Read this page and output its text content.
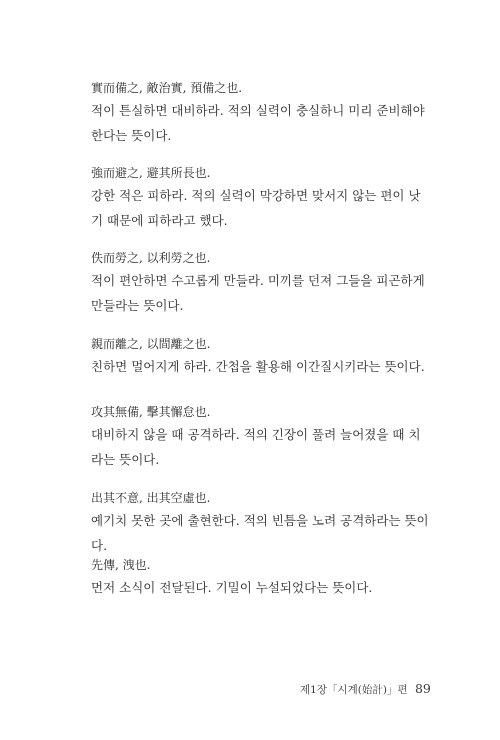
實而備之, 敵治實, 預備之也.

적이 튼실하면 대비하라. 적의 실력이 충실하니 미리 준비해야 한다는 뜻이다.

強而避之, 避其所長也.

강한 적은 피하라. 적의 실력이 막강하면 맞서지 않는 편이 낫기 때문에 피하라고 했다.

佚而勞之, 以利勞之也.

적이 편안하면 수고롭게 만들라. 미끼를 던져 그들을 피곤하게 만들라는 뜻이다.

親而離之, 以間離之也.

친하면 멀어지게 하라. 간첩을 활용해 이간질시키라는 뜻이다.

攻其無備, 擊其懈怠也.

대비하지 않을 때 공격하라. 적의 긴장이 풀려 늘어졌을 때 치라는 뜻이다.

出其不意, 出其空虛也.

예기치 못한 곳에 출현한다. 적의 빈틈을 노려 공격하라는 뜻이다.

先傳, 洩也.

먼저 소식이 전달된다. 기밀이 누설되었다는 뜻이다.

제1장「시계(始計)」편 89
